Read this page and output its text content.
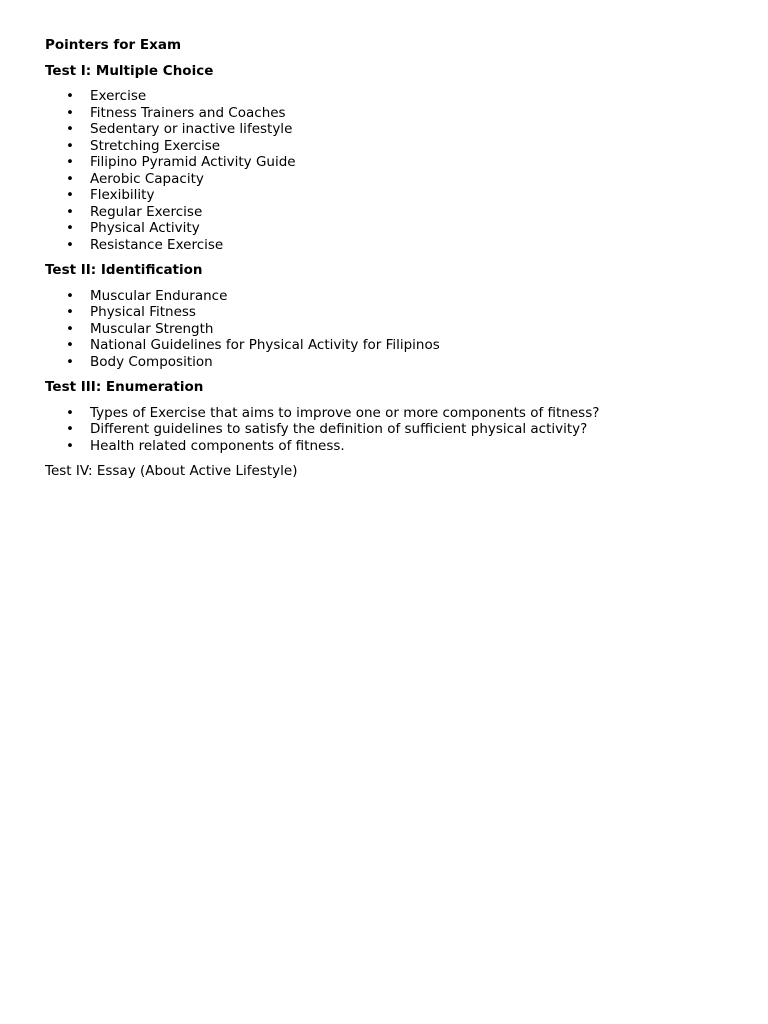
Pointers for Exam
Test I: Multiple Choice
• Exercise
• Fitness Trainers and Coaches
• Sedentary or inactive lifestyle
• Stretching Exercise
• Filipino Pyramid Activity Guide
• Aerobic Capacity
• Flexibility
• Regular Exercise
• Physical Activity
• Resistance Exercise
Test II: Identification
• Muscular Endurance
• Physical Fitness
• Muscular Strength
• National Guidelines for Physical Activity for Filipinos
• Body Composition
Test III: Enumeration
• Types of Exercise that aims to improve one or more components of fitness?
• Different guidelines to satisfy the definition of sufficient physical activity?
• Health related components of fitness.
Test IV: Essay (About Active Lifestyle)
